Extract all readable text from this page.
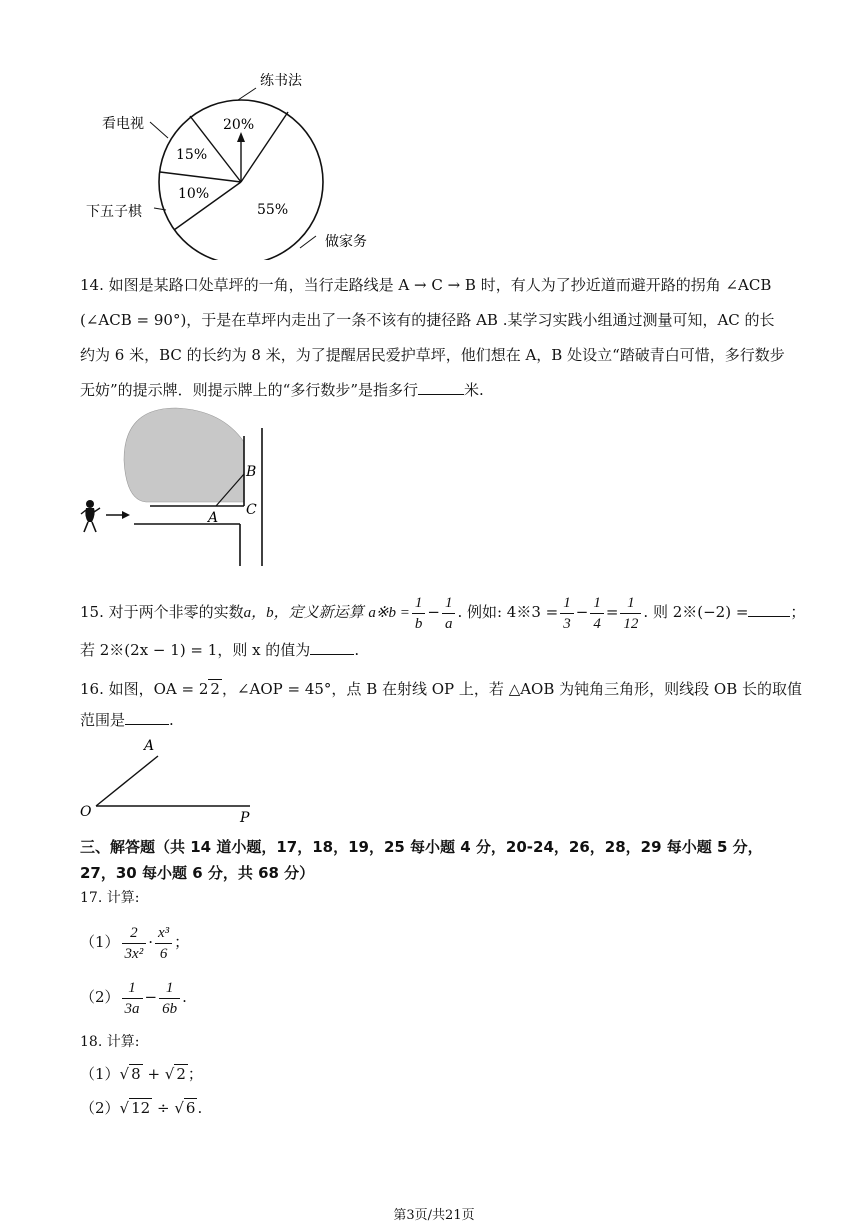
20%
55%
10%
15%
练书法
做家务
下五子棋
看电视
14. 如图是某路口处草坪的一角，当行走路线是 A → C → B 时，有人为了抄近道而避开路的拐角 ∠ACB
(∠ACB = 90°)，于是在草坪内走出了一条不该有的捷径路 AB .某学习实践小组通过测量可知，AC 的长
约为 6 米，BC 的长约为 8 米，为了提醒居民爱护草坪，他们想在 A，B 处设立“踏破青白可惜，多行数步
无妨”的提示牌．则提示牌上的“多行数步”是指多行	米.
B
C
A
15. 对于两个非零的实数a，b，定义新运算 a※b = $\frac{1}{b} - \frac{1}{a}$ . 例如: 4※3 = $\frac{1}{3} - \frac{1}{4} = \frac{1}{12}$ . 则 2※(−2) =	；
若 2※(2x − 1) = 1，则 x 的值为	.
16. 如图，OA = 2 2 ，∠AOP = 45°，点 B 在射线 OP 上，若 △AOB 为钝角三角形，则线段 OB 长的取值
范围是	.
A
O	P
三、解答题（共 14 道小题，17，18，19，25 每小题 4 分，20-24，26，28，29 每小题 5 分，
27，30 每小题 6 分，共 68 分）
17. 计算:
$(1) \frac{2}{\text{3x²}} \cdot \frac{\text{x³}}{6}$ ；
$(2) \frac{1}{3a} - \frac{1}{6b}$ .
18. 计算:
（1）√ 8 + √ 2 ；
（2）√ 12 ÷ √ 6 .
第3页/共21页
